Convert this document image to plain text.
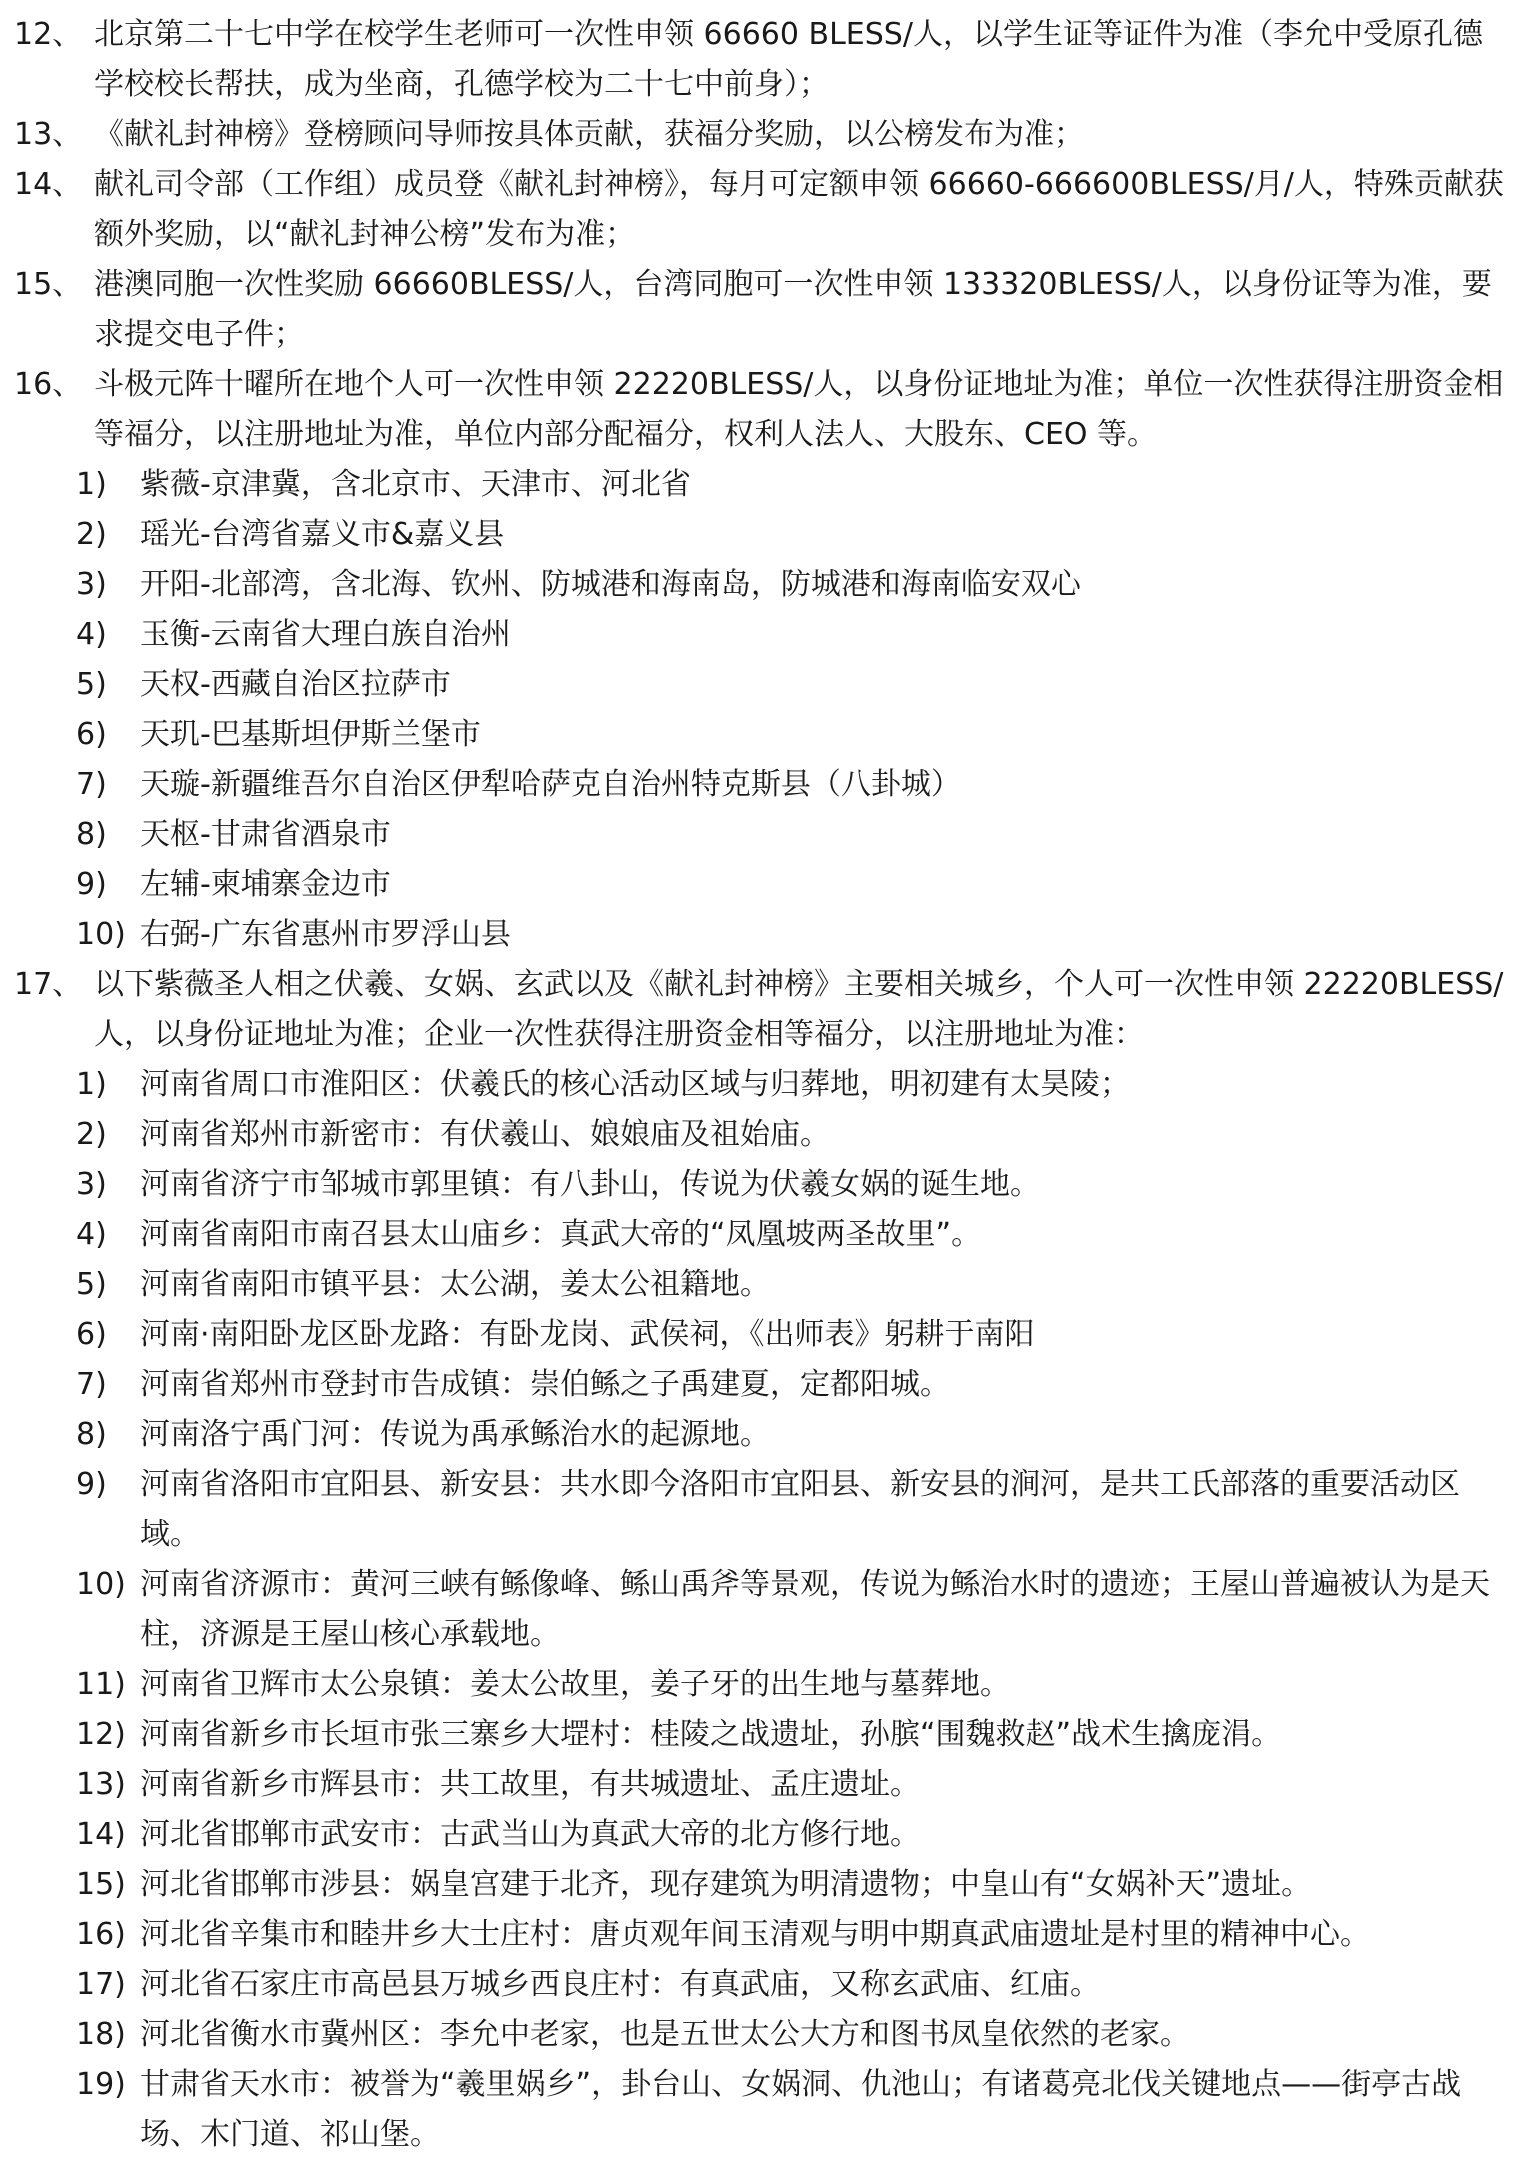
12、 北京第二十七中学在校学生老师可一次性申领 66660 BLESS/人，以学生证等证件为准（李允中受原孔德学校校长帮扶，成为坐商，孔德学校为二十七中前身）；
13、 《献礼封神榜》登榜顾问导师按具体贡献，获福分奖励，以公榜发布为准；
14、 献礼司令部（工作组）成员登《献礼封神榜》，每月可定额申领 66660-666600BLESS/月/人，特殊贡献获额外奖励，以“献礼封神公榜”发布为准；
15、 港澳同胞一次性奖励 66660BLESS/人，台湾同胞可一次性申领 133320BLESS/人，以身份证等为准，要求提交电子件；
16、 斗极元阵十曜所在地个人可一次性申领 22220BLESS/人，以身份证地址为准；单位一次性获得注册资金相等福分，以注册地址为准，单位内部分配福分，权利人法人、大股东、CEO 等。
1)	紫薇-京津冀，含北京市、天津市、河北省
2)	瑶光-台湾省嘉义市&嘉义县
3)	开阳-北部湾，含北海、钦州、防城港和海南岛，防城港和海南临安双心
4)	玉衡-云南省大理白族自治州
5)	天权-西藏自治区拉萨市
6)	天玑-巴基斯坦伊斯兰堡市
7)	天璇-新疆维吾尔自治区伊犁哈萨克自治州特克斯县（八卦城）
8)	天枢-甘肃省酒泉市
9)	左辅-柬埔寨金边市
10) 右弼-广东省惠州市罗浮山县
17、 以下紫薇圣人相之伏羲、女娲、玄武以及《献礼封神榜》主要相关城乡，个人可一次性申领 22220BLESS/人，以身份证地址为准；企业一次性获得注册资金相等福分，以注册地址为准：
1)	河南省周口市淮阳区：伏羲氏的核心活动区域与归葬地，明初建有太昊陵；
2)	河南省郑州市新密市：有伏羲山、娘娘庙及祖始庙。
3)	河南省济宁市邹城市郭里镇：有八卦山，传说为伏羲女娲的诞生地。
4)	河南省南阳市南召县太山庙乡：真武大帝的“凤凰坡两圣故里”。
5)	河南省南阳市镇平县：太公湖，姜太公祖籍地。
6)	河南·南阳卧龙区卧龙路：有卧龙岗、武侯祠，《出师表》躬耕于南阳
7)	河南省郑州市登封市告成镇：崇伯鲧之子禹建夏，定都阳城。
8)	河南洛宁禹门河：传说为禹承鲧治水的起源地。
9)	河南省洛阳市宜阳县、新安县：共水即今洛阳市宜阳县、新安县的涧河，是共工氏部落的重要活动区域。
10) 河南省济源市：黄河三峡有鲧像峰、鲧山禹斧等景观，传说为鲧治水时的遗迹；王屋山普遍被认为是天柱，济源是王屋山核心承载地。
11) 河南省卫辉市太公泉镇：姜太公故里，姜子牙的出生地与墓葬地。
12) 河南省新乡市长垣市张三寨乡大堽村：桂陵之战遗址，孙膑“围魏救赵”战术生擒庞涓。
13) 河南省新乡市辉县市：共工故里，有共城遗址、孟庄遗址。
14) 河北省邯郸市武安市：古武当山为真武大帝的北方修行地。
15) 河北省邯郸市涉县：娲皇宫建于北齐，现存建筑为明清遗物；中皇山有“女娲补天”遗址。
16) 河北省辛集市和睦井乡大士庄村：唐贞观年间玉清观与明中期真武庙遗址是村里的精神中心。
17) 河北省石家庄市高邑县万城乡西良庄村：有真武庙，又称玄武庙、红庙。
18) 河北省衡水市冀州区：李允中老家，也是五世太公大方和图书凤皇依然的老家。
19) 甘肃省天水市：被誉为“羲里娲乡”，卦台山、女娲洞、仇池山；有诸葛亮北伐关键地点——街亭古战场、木门道、祁山堡。
